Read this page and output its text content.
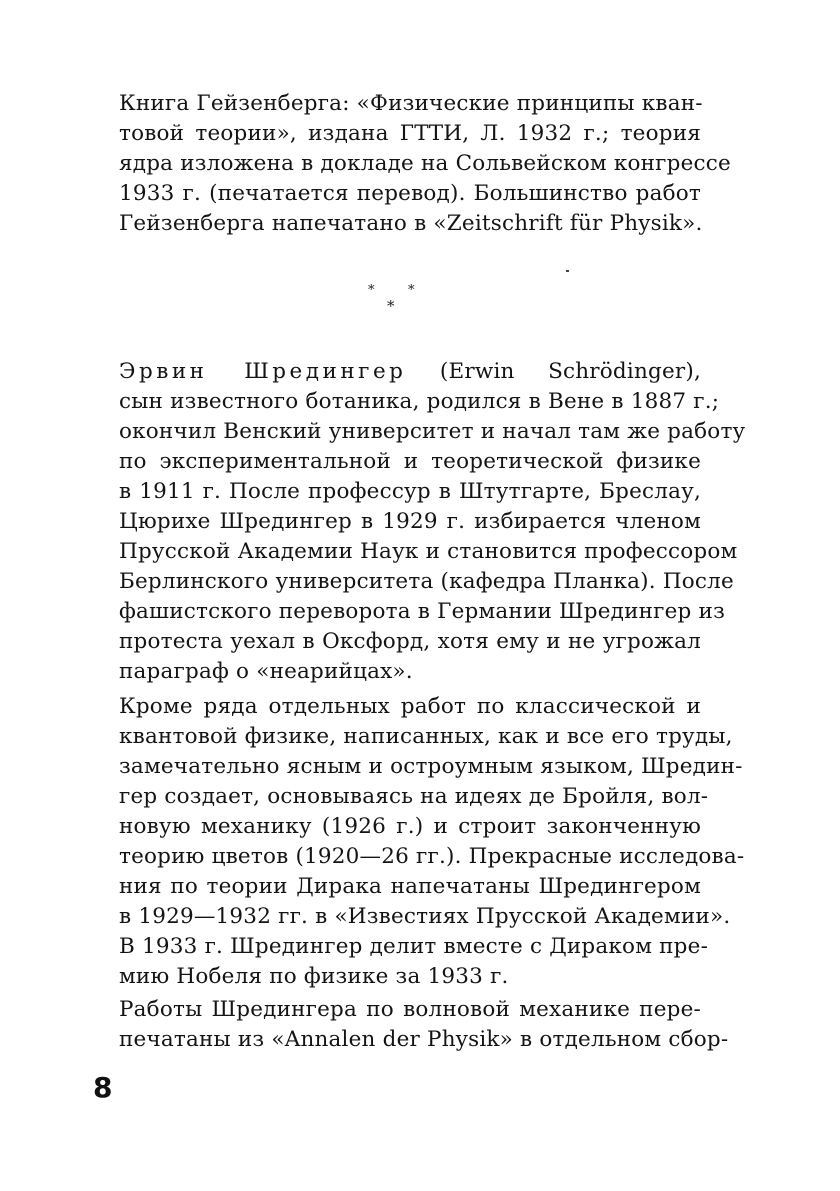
Книга Гейзенберга: «Физические принципы кван-
товой теории», издана ГТТИ, Л. 1932 г.; теория
ядра изложена в докладе на Сольвейском конгрессе
1933 г. (печатается перевод). Большинство работ
Гейзенберга напечатано в «Zeitschrift für Physik».

*	*
*

Эрвин Шредингер (Erwin Schrödinger),
сын известного ботаника, родился в Вене в 1887 г.;
окончил Венский университет и начал там же работу
по экспериментальной и теоретической физике
в 1911 г. После профессур в Штутгарте, Бреслау,
Цюрихе Шредингер в 1929 г. избирается членом
Прусской Академии Наук и становится профессором
Берлинского университета (кафедра Планка). После
фашистского переворота в Германии Шредингер из
протеста уехал в Оксфорд, хотя ему и не угрожал
параграф о «неарийцах».

Кроме ряда отдельных работ по классической и
квантовой физике, написанных, как и все его труды,
замечательно ясным и остроумным языком, Шредин-
гер создает, основываясь на идеях де Бройля, вол-
новую механику (1926 г.) и строит законченную
теорию цветов (1920—26 гг.). Прекрасные исследова-
ния по теории Дирака напечатаны Шредингером
в 1929—1932 гг. в «Известиях Прусской Академии».
В 1933 г. Шредингер делит вместе с Дираком пре-
мию Нобеля по физике за 1933 г.

Работы Шредингера по волновой механике пере-
печатаны из «Annalen der Physik» в отдельном сбор-

8
